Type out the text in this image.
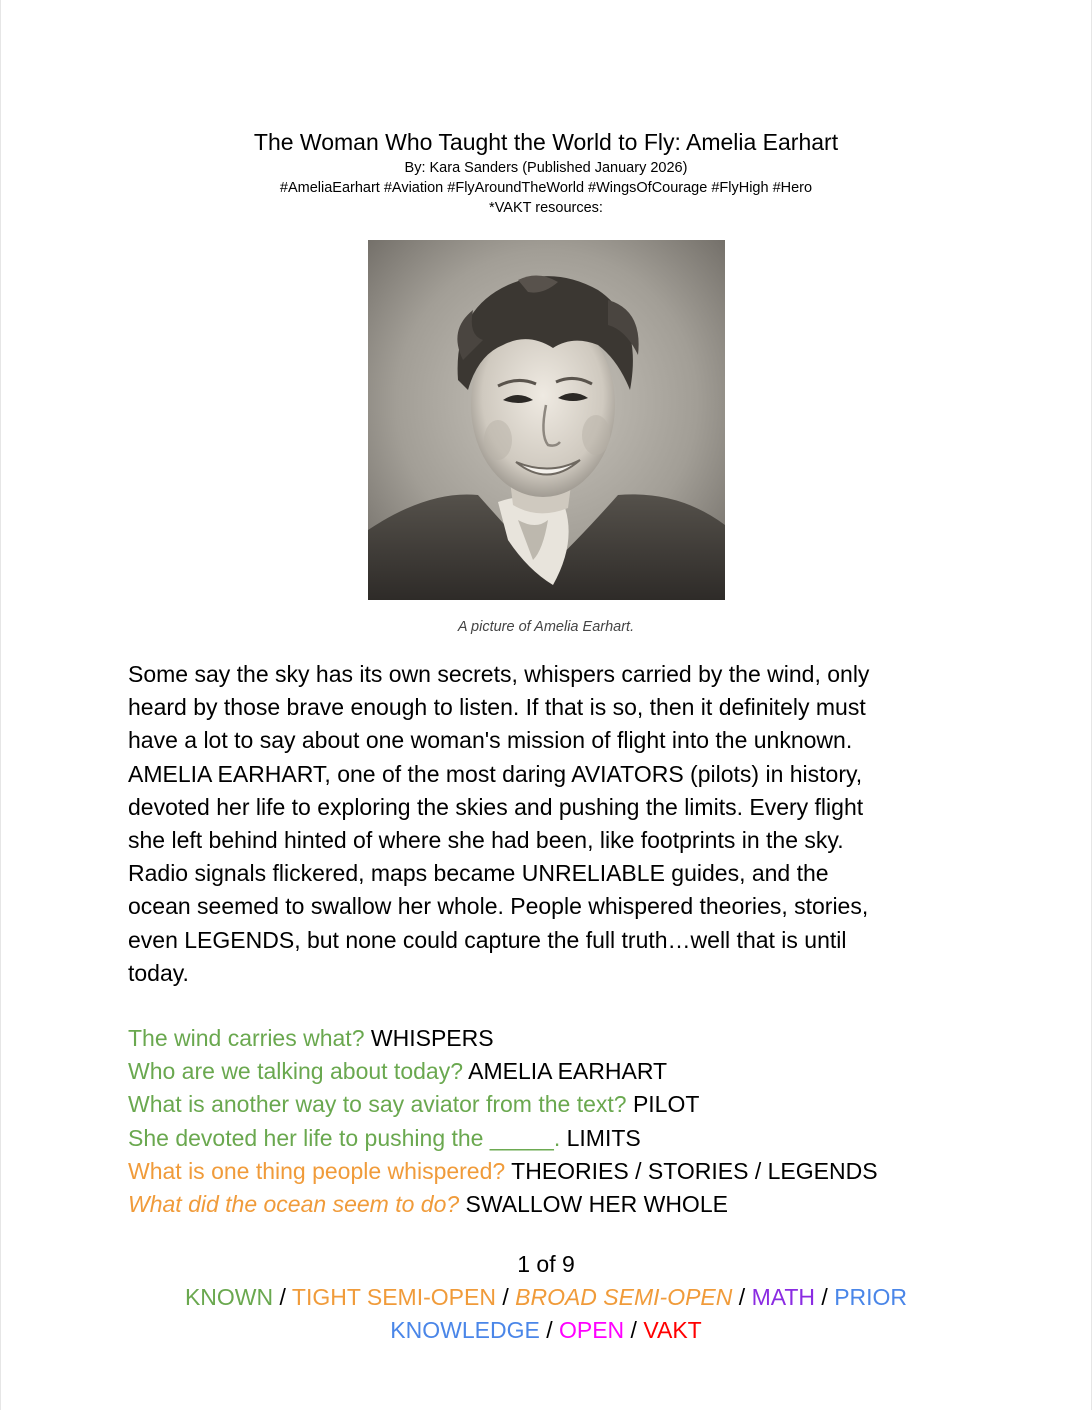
The Woman Who Taught the World to Fly: Amelia Earhart

By: Kara Sanders (Published January 2026)

#AmeliaEarhart #Aviation #FlyAroundTheWorld #WingsOfCourage #FlyHigh #Hero

*VAKT resources:

A picture of Amelia Earhart.
Some say the sky has its own secrets, whispers carried by the wind, only
heard by those brave enough to listen. If that is so, then it definitely must
have a lot to say about one woman's mission of flight into the unknown.
AMELIA EARHART, one of the most daring AVIATORS (pilots) in history,
devoted her life to exploring the skies and pushing the limits. Every flight
she left behind hinted of where she had been, like footprints in the sky.
Radio signals flickered, maps became UNRELIABLE guides, and the
ocean seemed to swallow her whole. People whispered theories, stories,
even LEGENDS, but none could capture the full truth…well that is until
today.
The wind carries what? WHISPERS
Who are we talking about today? AMELIA EARHART
What is another way to say aviator from the text? PILOT
She devoted her life to pushing the _____. LIMITS
What is one thing people whispered? THEORIES / STORIES / LEGENDS
What did the ocean seem to do? SWALLOW HER WHOLE
1 of 9
KNOWN / TIGHT SEMI-OPEN / BROAD SEMI-OPEN / MATH / PRIOR KNOWLEDGE / OPEN / VAKT
